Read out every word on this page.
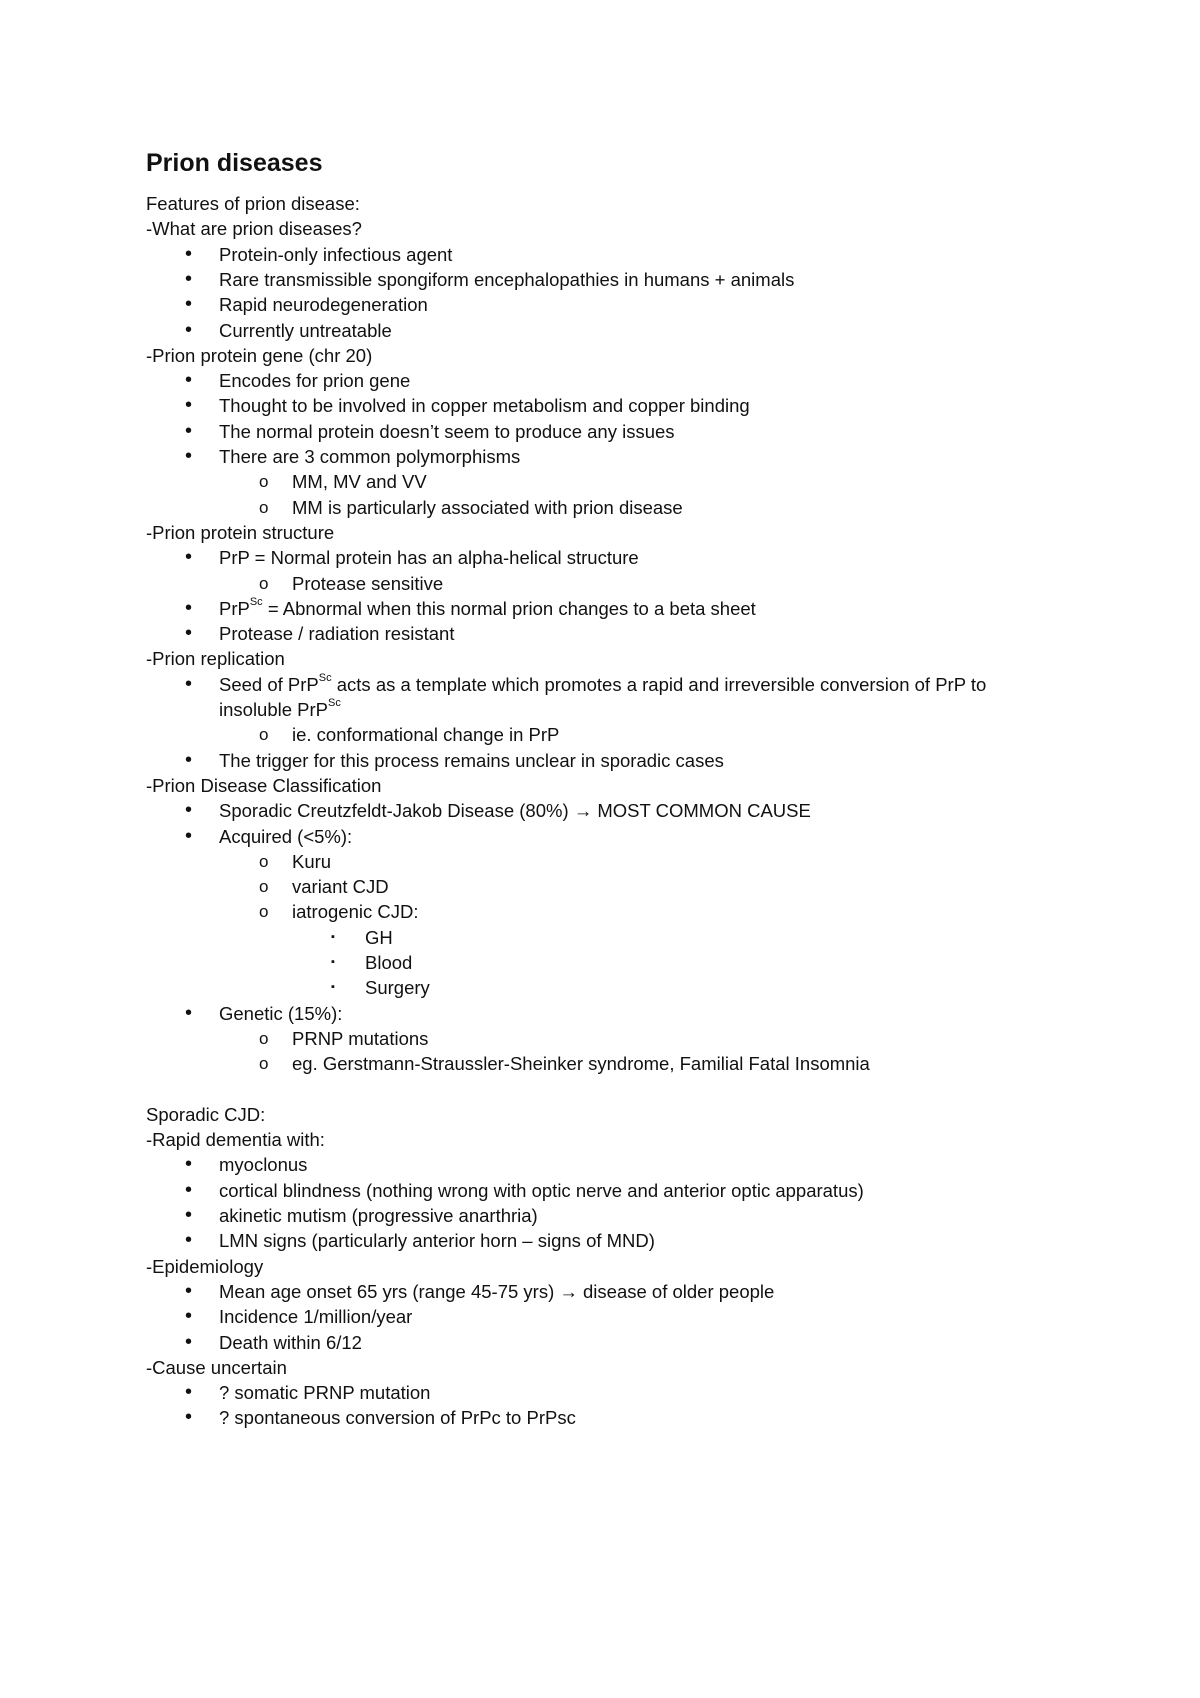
Prion diseases
Features of prion disease:
-What are prion diseases?
• Protein-only infectious agent
• Rare transmissible spongiform encephalopathies in humans + animals
• Rapid neurodegeneration
• Currently untreatable
-Prion protein gene (chr 20)
• Encodes for prion gene
• Thought to be involved in copper metabolism and copper binding
• The normal protein doesn’t seem to produce any issues
• There are 3 common polymorphisms
o MM, MV and VV
o MM is particularly associated with prion disease
-Prion protein structure
• PrP = Normal protein has an alpha-helical structure
o Protease sensitive
• PrP$^{Sc}$ = Abnormal when this normal prion changes to a beta sheet
• Protease / radiation resistant
-Prion replication
• Seed of PrP$^{Sc}$ acts as a template which promotes a rapid and irreversible conversion of PrP to
insoluble PrP$^{Sc}$
o ie. conformational change in PrP
• The trigger for this process remains unclear in sporadic cases
-Prion Disease Classification
• Sporadic Creutzfeldt-Jakob Disease (80%) → MOST COMMON CAUSE
• Acquired (<5%):
o Kuru
o variant CJD
o iatrogenic CJD:
▪ GH
▪ Blood
▪ Surgery
• Genetic (15%):
o PRNP mutations
o eg. Gerstmann-Straussler-Sheinker syndrome, Familial Fatal Insomnia
Sporadic CJD:
-Rapid dementia with:
• myoclonus
• cortical blindness (nothing wrong with optic nerve and anterior optic apparatus)
• akinetic mutism (progressive anarthria)
• LMN signs (particularly anterior horn – signs of MND)
-Epidemiology
• Mean age onset 65 yrs (range 45-75 yrs) → disease of older people
• Incidence 1/million/year
• Death within 6/12
-Cause uncertain
• ? somatic PRNP mutation
• ? spontaneous conversion of PrPc to PrPsc
